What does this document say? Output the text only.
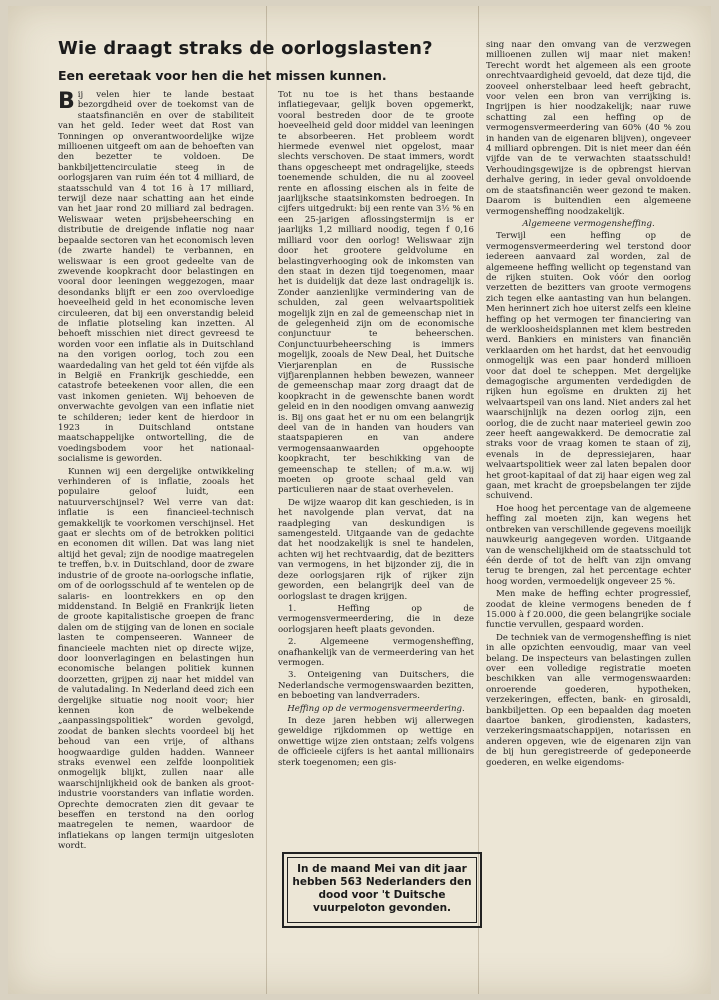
Wie draagt straks de oorlogslasten?
Een eeretaak voor hen die het missen kunnen.

Bij velen hier te lande bestaat bezorgdheid over de toekomst van de staatsfinanciën en over de stabiliteit van het geld. Ieder weet dat Rost van Tonningen op onverantwoordelijke wijze millioenen uitgeeft om aan de behoeften van den bezetter te voldoen. De bankbiljettencirculatie steeg in de oorlogsjaren van ruim één tot 4 milliard, de staatsschuld van 4 tot 16 à 17 milliard, terwijl deze naar schatting aan het einde van het jaar rond 20 milliard zal bedragen. Weliswaar weten prijsbeheersching en distributie de dreigende inflatie nog naar bepaalde sectoren van het economisch leven (de zwarte handel) te verbannen, en weliswaar is een groot gedeelte van de zwevende koopkracht door belastingen en vooral door leeningen weggezogen, maar desondanks blijft er een zoo overvloedige hoeveelheid geld in het economische leven circuleeren, dat bij een onverstandig beleid de inflatie plotseling kan inzetten. Al behoeft misschien niet direct gevreesd te worden voor een inflatie als in Duitschland na den vorigen oorlog, toch zou een waardedaling van het geld tot één vijfde als in België en Frankrijk geschiedde, een catastrofe beteekenen voor allen, die een vast inkomen genieten. Wij behoeven de onverwachte gevolgen van een inflatie niet te schilderen; ieder kent de hierdoor in 1923 in Duitschland ontstane maatschappelijke ontwortelling, die de voedingsbodem voor het nationaal-socialisme is geworden.

Kunnen wij een dergelijke ontwikkeling verhinderen of is inflatie, zooals het populaire geloof luidt, een natuurverschijnsel? Wel verre van dat: inflatie is een financieel-technisch gemakkelijk te voorkomen verschijnsel. Het gaat er slechts om of de betrokken politici en economen dit willen. Dat was lang niet altijd het geval; zijn de noodige maatregelen te treffen, b.v. in Duitschland, door de zware industrie of de groote na-oorlogsche inflatie, om of de oorlogsschuld af te wentelen op de salaris- en loontrekkers en op den middenstand. In België en Frankrijk lieten de groote kapitalistische groepen de franc dalen om de stijging van de lonen en sociale lasten te compenseeren. Wanneer de financieele machten niet op directe wijze, door loonverlagingen en belastingen hun economische belangen politiek kunnen doorzetten, grijpen zij naar het middel van de valutadaling. In Nederland deed zich een dergelijke situatie nog nooit voor; hier kennen kon de welbekende „aanpassingspolitiek” worden gevolgd, zoodat de banken slechts voordeel bij het behoud van een vrije, of althans hoogwaardige gulden hadden. Wanneer straks evenwel een zelfde loonpolitiek onmogelijk blijkt, zullen naar alle waarschijnlijkheid ook de banken als groot-industrie voorstanders van inflatie worden. Oprechte democraten zien dit gevaar te beseffen en terstond na den oorlog maatregelen te nemen, waardoor de inflatiekans op langen termijn uitgesloten wordt.

Tot nu toe is het thans bestaande inflatiegevaar, gelijk boven opgemerkt, vooral bestreden door de te groote hoeveelheid geld door middel van leeningen te absorbeeren. Het probleem wordt hiermede evenwel niet opgelost, maar slechts verschoven. De staat immers, wordt thans opgescheept met ondragelijke, steeds toenemende schulden, die nu al zooveel rente en aflossing eischen als in feite de jaarlijksche staatsinkomsten bedroegen. In cijfers uitgedrukt: bij een rente van 3½ % en een 25-jarigen aflossingstermijn is er jaarlijks 1,2 milliard noodig, tegen f 0,16 milliard voor den oorlog! Weliswaar zijn door het grootere geldvolume en belastingverhooging ook de inkomsten van den staat in dezen tijd toegenomen, maar het is duidelijk dat deze last ondragelijk is. Zonder aanzienlijke vermindering van de schulden, zal geen welvaartspolitiek mogelijk zijn en zal de gemeenschap niet in de gelegenheid zijn om de economische conjunctuur te beheerschen. Conjunctuurbeheersching is immers mogelijk, zooals de New Deal, het Duitsche Vierjarenplan en de Russische vijfjarenplannen hebben bewezen, wanneer de gemeenschap maar zorg draagt dat de koopkracht in de gewenschte banen wordt geleid en in den noodigen omvang aanwezig is. Bij ons gaat het er nu om een belangrijk deel van de in handen van houders van staatspapieren en van andere vermogensaanwaarden opgehoopte koopkracht, ter beschikking van de gemeenschap te stellen; of m.a.w. wij moeten op groote schaal geld van particulieren naar de staat overhevelen.

De wijze waarop dit kan geschieden, is in het navolgende plan vervat, dat na raadpleging van deskundigen is samengesteld. Uitgaande van de gedachte dat het noodzakelijk is snel te handelen, achten wij het rechtvaardig, dat de bezitters van vermogens, in het bijzonder zij, die in deze oorlogsjaren rijk of rijker zijn geworden, een belangrijk deel van de oorlogslast te dragen krijgen.

1. Heffing op de vermogensvermeerdering, die in deze oorlogsjaren heeft plaats gevonden.

2. Algemeene vermogensheffing, onafhankelijk van de vermeerdering van het vermogen.

3. Onteigening van Duitschers, die Nederlandsche vermogenswaarden bezitten, en beboeting van landverraders.

Heffing op de vermogensvermeerdering.

In deze jaren hebben wij allerwegen geweldige rijkdommen op wettige en onwettige wijze zien ontstaan; zelfs volgens de officieele cijfers is het aantal millionairs sterk toegenomen; een gis-

In de maand Mei van dit jaar hebben 563 Nederlanders den dood voor 't Duitsche vuurpeloton gevonden.

sing naar den omvang van de verzwegen millioenen zullen wij maar niet maken! Terecht wordt het algemeen als een groote onrechtvaardigheid gevoeld, dat deze tijd, die zooveel onherstelbaar leed heeft gebracht, voor velen een bron van verrijking is. Ingrijpen is hier noodzakelijk; naar ruwe schatting zal een heffing op de vermogensvermeerdering van 60% (40 % zou in handen van de eigenaren blijven), ongeveer 4 milliard opbrengen. Dit is niet meer dan één vijfde van de te verwachten staatsschuld! Verhoudingsgewijze is de opbrengst hiervan derhalve gering, in ieder geval onvoldoende om de staatsfinanciën weer gezond te maken. Daarom is buitendien een algemeene vermogensheffing noodzakelijk.

Algemeene vermogensheffing.

Terwijl een heffing op de vermogensvermeerdering wel terstond door iedereen aanvaard zal worden, zal de algemeene heffing wellicht op tegenstand van de rijken stuiten. Ook vóór den oorlog verzetten de bezitters van groote vermogens zich tegen elke aantasting van hun belangen. Men herinnert zich hoe uiterst zelfs een kleine heffing op het vermogen ter financiering van de werkloosheidsplannen met klem bestreden werd. Bankiers en ministers van financiën verklaarden om het hardst, dat het eenvoudig onmogelijk was een paar honderd millioen voor dat doel te scheppen. Met dergelijke demagogische argumenten verdedigden de rijken hun egoïsme en drukten zij het welvaartspeil van ons land. Niet anders zal het waarschijnlijk na dezen oorlog zijn, een oorlog, die de zucht naar materieel gewin zoo zeer heeft aangewakkerd. De democratie zal straks voor de vraag komen te staan of zij, evenals in de depressiejaren, haar welvaartspolitiek weer zal laten bepalen door het groot-kapitaal of dat zij haar eigen weg zal gaan, met kracht de groepsbelangen ter zijde schuivend.

Hoe hoog het percentage van de algemeene heffing zal moeten zijn, kan wegens het ontbreken van verschillende gegevens moeilijk nauwkeurig aangegeven worden. Uitgaande van de wenschelijkheid om de staatsschuld tot één derde of tot de helft van zijn omvang terug te brengen, zal het percentage echter hoog worden, vermoedelijk ongeveer 25 %.

Men make de heffing echter progressief, zoodat de kleine vermogens beneden de f 15.000 à f 20.000, die geen belangrijke sociale functie vervullen, gespaard worden.

De techniek van de vermogensheffing is niet in alle opzichten eenvoudig, maar van veel belang. De inspecteurs van belastingen zullen over een volledige registratie moeten beschikken van alle vermogenswaarden: onroerende goederen, hypotheken, verzekeringen, effecten, bank- en girosaldi, bankbiljetten. Op een bepaalden dag moeten daartoe banken, girodiensten, kadasters, verzekeringsmaatschappijen, notarissen en anderen opgeven, wie de eigenaren zijn van de bij hun geregistreerde of gedeponeerde goederen, en welke eigendoms-
